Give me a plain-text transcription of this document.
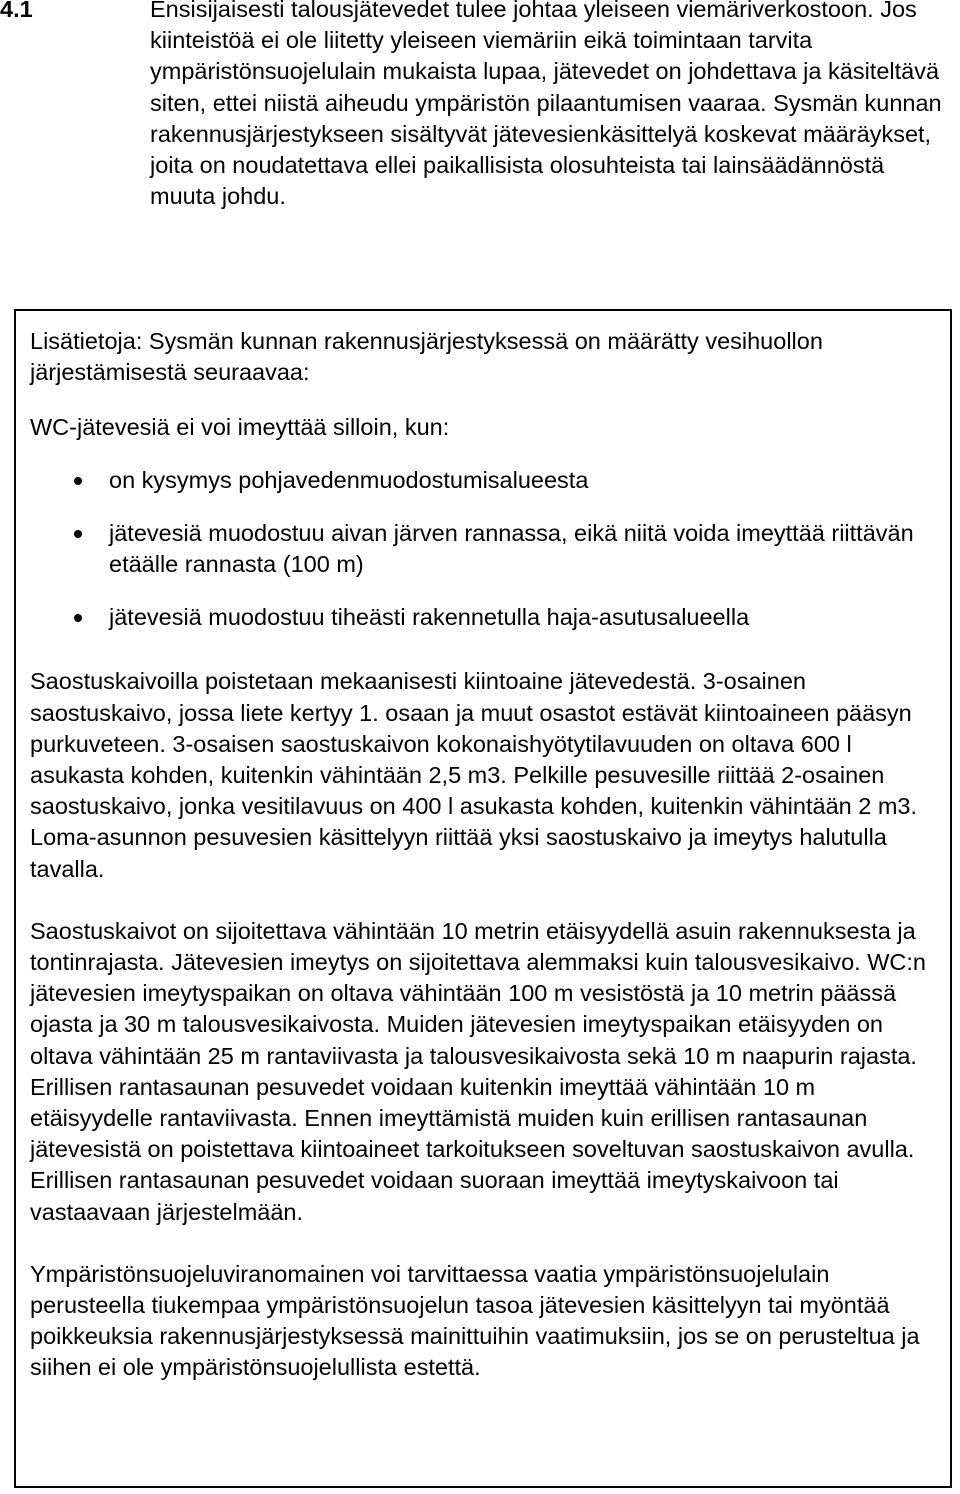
4.1	Ensisijaisesti talousjätevedet tulee johtaa yleiseen viemäriverkostoon. Jos kiinteistöä ei ole liitetty yleiseen viemäriin eikä toimintaan tarvita ympäristönsuojelulain mukaista lupaa, jätevedet on johdettava ja käsiteltävä siten, ettei niistä aiheudu ympäristön pilaantumisen vaaraa. Sysmän kunnan rakennusjärjestykseen sisältyvät jätevesienkäsittelyä koskevat määräykset, joita on noudatettava ellei paikallisista olosuhteista tai lainsäädännöstä muuta johdu.

Lisätietoja: Sysmän kunnan rakennusjärjestyksessä on määrätty vesihuollon järjestämisestä seuraavaa:

WC-jätevesiä ei voi imeyttää silloin, kun:

on kysymys pohjavedenmuodostumisalueesta
jätevesiä muodostuu aivan järven rannassa, eikä niitä voida imeyttää riittävän etäälle rannasta (100 m)
jätevesiä muodostuu tiheästi rakennetulla haja-asutusalueella

Saostuskaivoilla poistetaan mekaanisesti kiintoaine jätevedestä. 3-osainen saostuskaivo, jossa liete kertyy 1. osaan ja muut osastot estävät kiintoaineen pääsyn purkuveteen. 3-osaisen saostuskaivon kokonaishyötytilavuuden on oltava 600 l asukasta kohden, kuitenkin vähintään 2,5 m3. Pelkille pesuvesille riittää 2-osainen saostuskaivo, jonka vesitilavuus on 400 l asukasta kohden, kuitenkin vähintään 2 m3. Loma-asunnon pesuvesien käsittelyyn riittää yksi saostuskaivo ja imeytys halutulla tavalla.

Saostuskaivot on sijoitettava vähintään 10 metrin etäisyydellä asuin rakennuksesta ja tontinrajasta. Jätevesien imeytys on sijoitettava alemmaksi kuin talousvesikaivo. WC:n jätevesien imeytyspaikan on oltava vähintään 100 m vesistöstä ja 10 metrin päässä ojasta ja 30 m talousvesikaivosta. Muiden jätevesien imeytyspaikan etäisyyden on oltava vähintään 25 m rantaviivasta ja talousvesikaivosta sekä 10 m naapurin rajasta. Erillisen rantasaunan pesuvedet voidaan kuitenkin imeyttää vähintään 10 m etäisyydelle rantaviivasta. Ennen imeyttämistä muiden kuin erillisen rantasaunan jätevesistä on poistettava kiintoaineet tarkoitukseen soveltuvan saostuskaivon avulla. Erillisen rantasaunan pesuvedet voidaan suoraan imeyttää imeytyskaivoon tai vastaavaan järjestelmään.

Ympäristönsuojeluviranomainen voi tarvittaessa vaatia ympäristönsuojelulain perusteella tiukempaa ympäristönsuojelun tasoa jätevesien käsittelyyn tai myöntää poikkeuksia rakennusjärjestyksessä mainittuihin vaatimuksiin, jos se on perusteltua ja siihen ei ole ympäristönsuojelullista estettä.
